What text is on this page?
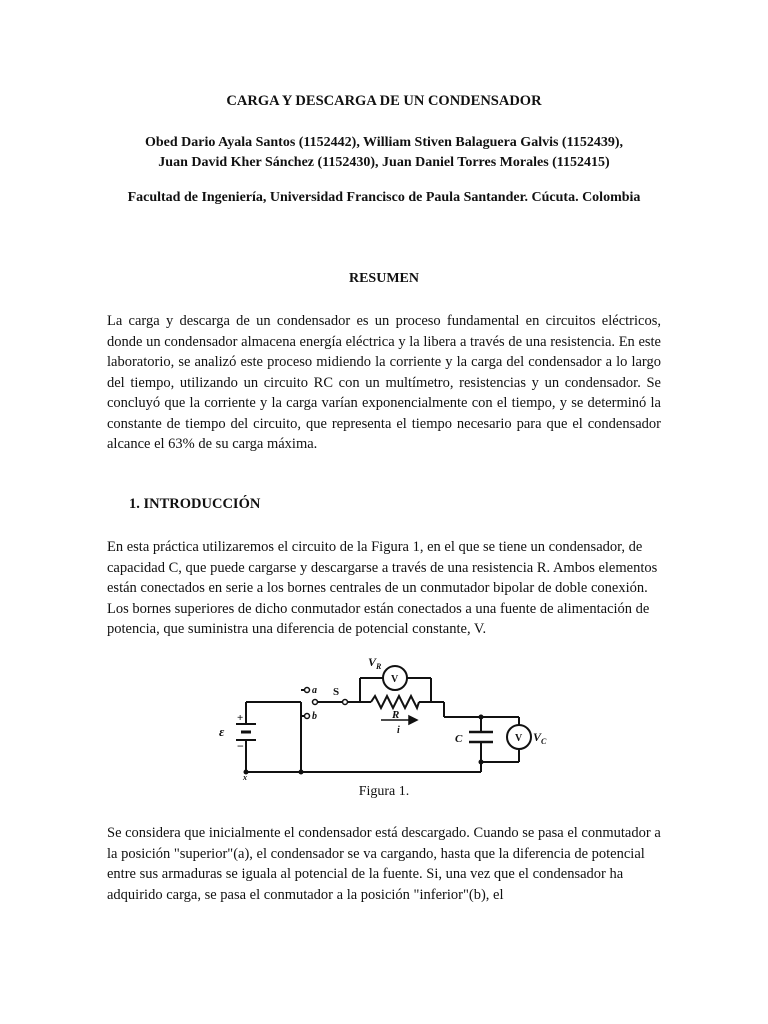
CARGA Y DESCARGA DE UN CONDENSADOR
Obed Dario Ayala Santos (1152442), William Stiven Balaguera Galvis (1152439),
Juan David Kher Sánchez (1152430), Juan Daniel Torres Morales (1152415)
Facultad de Ingeniería, Universidad Francisco de Paula Santander. Cúcuta. Colombia
RESUMEN

La carga y descarga de un condensador es un proceso fundamental en circuitos eléctricos, donde un condensador almacena energía eléctrica y la libera a través de una resistencia. En este laboratorio, se analizó este proceso midiendo la corriente y la carga del condensador a lo largo del tiempo, utilizando un circuito RC con un multímetro, resistencias y un condensador. Se concluyó que la corriente y la carga varían exponencialmente con el tiempo, y se determinó la constante de tiempo del circuito, que representa el tiempo necesario para que el condensador alcance el 63% de su carga máxima.

1. INTRODUCCIÓN

En esta práctica utilizaremos el circuito de la Figura 1, en el que se tiene un condensador, de capacidad C, que puede cargarse y descargarse a través de una resistencia R. Ambos elementos están conectados en serie a los bornes centrales de un conmutador bipolar de doble conexión. Los bornes superiores de dicho conmutador están conectados a una fuente de alimentación de potencia, que suministra una diferencia de potencial constante, V.

$V_R$
a
b
S
R
i
ε
+
−
x
C
V
V $V_C$
Figura 1.

Se considera que inicialmente el condensador está descargado. Cuando se pasa el conmutador a la posición "superior"(a), el condensador se va cargando, hasta que la diferencia de potencial entre sus armaduras se iguala al potencial de la fuente. Si, una vez que el condensador ha adquirido carga, se pasa el conmutador a la posición "inferior"(b), el
